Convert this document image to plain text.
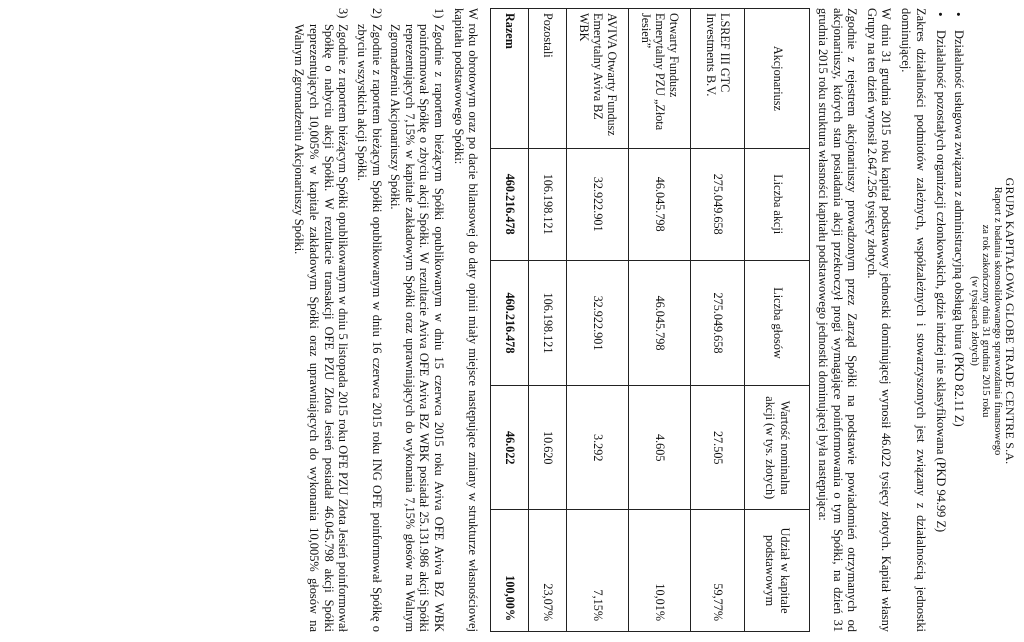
GRUPA KAPITAŁOWA GLOBE TRADE CENTRE S.A.
Raport z badania skonsolidowanego sprawozdania finansowego
za rok zakończony dnia 31 grudnia 2015 roku
(w tysiącach złotych)
• Działalność usługowa związana z administracyjną obsługą biura (PKD 82.11 Z)
• Działalność pozostałych organizacji członkowskich, gdzie indziej nie sklasyfikowana (PKD 94.99 Z)

Zakres działalności podmiotów zależnych, współzależnych i stowarzyszonych jest związany z działalnością jednostki dominującej.

W dniu 31 grudnia 2015 roku kapitał podstawowy jednostki dominującej wynosił 46.022 tysięcy złotych. Kapitał własny Grupy na ten dzień wynosił 2.647.256 tysięcy złotych.

Zgodnie z rejestrem akcjonariuszy prowadzonym przez Zarząd Spółki na podstawie powiadomień otrzymanych od akcjonariuszy, których stan posiadania akcji przekroczył progi wymagające poinformowania o tym Spółki, na dzień 31 grudnia 2015 roku struktura własności kapitału podstawowego jednostki dominującej była następująca:

Akcjonariusz	Liczba akcji	Liczba głosów	Wartość nominalna akcji (w tys. złotych)	Udział w kapitale podstawowym
LSREF III GTC Investments B.V.	275.049.658	275.049.658	27.505	59,77%
Otwarty Fundusz Emerytalny PZU „Złota Jesień”	46.045.798	46.045.798	4.605	10,01%
AVIVA Otwarty Fundusz Emerytalny Aviva BZ WBK	32.922.901	32.922.901	3.292	7,15%
Pozostali	106.198.121	106.198.121	10.620	23,07%
Razem	460.216.478	460.216.478	46.022	100,00%

W roku obrotowym oraz po dacie bilansowej do daty opinii miały miejsce następujące zmiany w strukturze własnościowej kapitału podstawowego Spółki:

1)
Zgodnie z raportem bieżącym Spółki opublikowanym w dniu 15 czerwca 2015 roku Aviva OFE Aviva BZ WBK poinformował Spółkę o zbyciu akcji Spółki. W rezultacie Aviva OFE Aviva BZ WBK posiadał 25.131.986 akcji Spółki reprezentujących 7,15% w kapitale zakładowym Spółki oraz uprawniających do wykonania 7,15% głosów na Walnym Zgromadzeniu Akcjonariuszy Spółki.
2)
Zgodnie z raportem bieżącym Spółki opublikowanym w dniu 16 czerwca 2015 roku ING OFE poinformował Spółkę o zbyciu wszystkich akcji Spółki.
3)
Zgodnie z raportem bieżącym Spółki opublikowanym w dniu 5 listopada 2015 roku OFE PZU Złota Jesień poinformował Spółkę o nabyciu akcji Spółki. W rezultacie transakcji OFE PZU Złota Jesień posiadał 46.045.798 akcji Spółki reprezentujących 10,005% w kapitale zakładowym Spółki oraz uprawniających do wykonania 10,005% głosów na Walnym Zgromadzeniu Akcjonariuszy Spółki.
